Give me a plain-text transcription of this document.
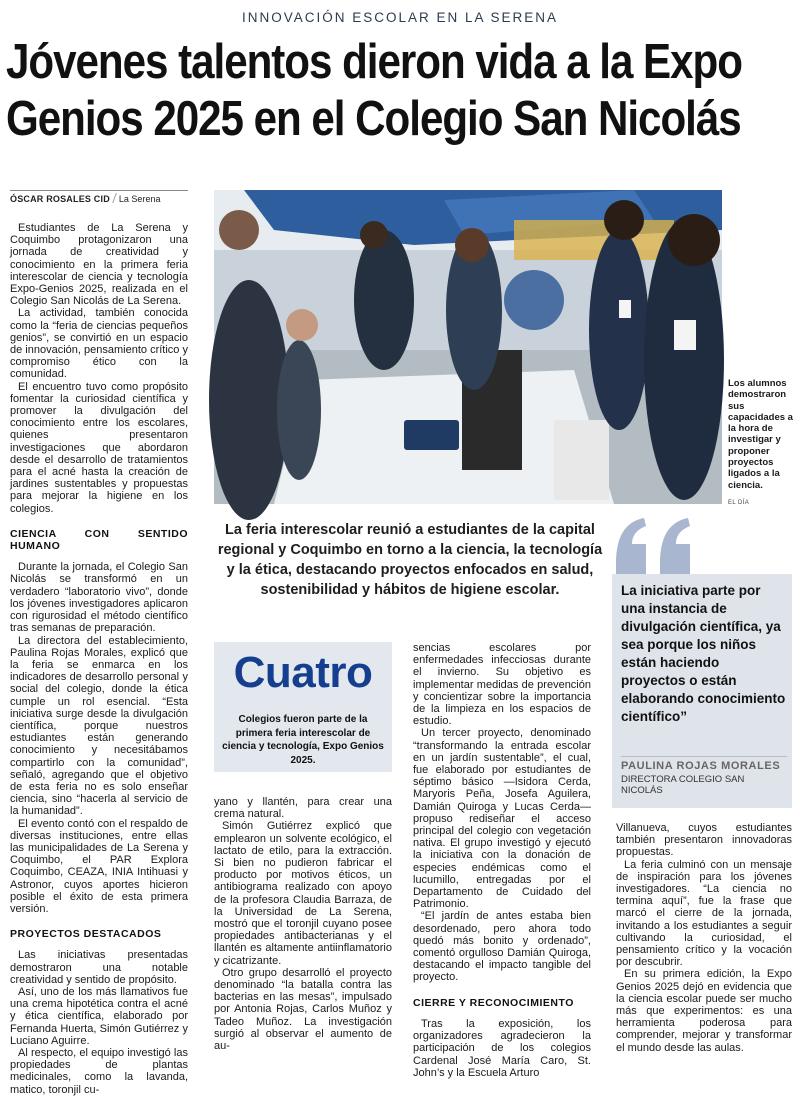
INNOVACIÓN ESCOLAR EN LA SERENA
Jóvenes talentos dieron vida a la Expo
Genios 2025 en el Colegio San Nicolás
ÓSCAR ROSALES CID La Serena

Estudiantes de La Serena y Coquimbo protagonizaron una jornada de creatividad y conocimiento en la primera feria interescolar de ciencia y tecnología Expo-Genios 2025, realizada en el Colegio San Nicolás de La Serena.

La actividad, también conocida como la “feria de ciencias pequeños genios”, se convirtió en un espacio de innovación, pensamiento crítico y compromiso ético con la comunidad.

El encuentro tuvo como propósito fomentar la curiosidad científica y promover la divulgación del conocimiento entre los escolares, quienes presentaron investigaciones que abordaron desde el desarrollo de tratamientos para el acné hasta la creación de jardines sustentables y propuestas para mejorar la higiene en los colegios.

CIENCIA CON SENTIDO HUMANO

Durante la jornada, el Colegio San Nicolás se transformó en un verdadero “laboratorio vivo”, donde los jóvenes investigadores aplicaron con rigurosidad el método científico tras semanas de preparación.

La directora del establecimiento, Paulina Rojas Morales, explicó que la feria se enmarca en los indicadores de desarrollo personal y social del colegio, donde la ética cumple un rol esencial. “Esta iniciativa surge desde la divulgación científica, porque nuestros estudiantes están generando conocimiento y necesitábamos compartirlo con la comunidad”, señaló, agregando que el objetivo de esta feria no es solo enseñar ciencia, sino “hacerla al servicio de la humanidad”.

El evento contó con el respaldo de diversas instituciones, entre ellas las municipalidades de La Serena y Coquimbo, el PAR Explora Coquimbo, CEAZA, INIA Intihuasi y Astronor, cuyos aportes hicieron posible el éxito de esta primera versión.

PROYECTOS DESTACADOS

Las iniciativas presentadas demostraron una notable creatividad y sentido de propósito.

Así, uno de los más llamativos fue una crema hipotética contra el acné y ética científica, elaborado por Fernanda Huerta, Simón Gutiérrez y Luciano Aguirre.

Al respecto, el equipo investigó las propiedades de plantas medicinales, como la lavanda, matico, toronjil cu-

Los alumnos demostraron sus capacidades a la hora de investigar y proponer proyectos ligados a la ciencia.
EL DÍA
La feria interescolar reunió a estudiantes de la capital regional y Coquimbo en torno a la ciencia, la tecnología y la ética, destacando proyectos enfocados en salud, sostenibilidad y hábitos de higiene escolar.	La iniciativa parte por una instancia de divulgación científica, ya sea porque los niños están haciendo proyectos o están elaborando conocimiento científico”
PAULINA ROJAS MORALES
DIRECTORA COLEGIO SAN NICOLÁS
Cuatro
Colegios fueron parte de la primera feria interescolar de ciencia y tecnología, Expo Genios 2025.

yano y llantén, para crear una crema natural.

Simón Gutiérrez explicó que emplearon un solvente ecológico, el lactato de etilo, para la extracción. Si bien no pudieron fabricar el producto por motivos éticos, un antibiograma realizado con apoyo de la profesora Claudia Barraza, de la Universidad de La Serena, mostró que el toronjil cuyano posee propiedades antibacterianas y el llantén es altamente antiinflamatorio y cicatrizante.

Otro grupo desarrolló el proyecto denominado “la batalla contra las bacterias en las mesas”, impulsado por Antonia Rojas, Carlos Muñoz y Tadeo Muñoz. La investigación surgió al observar el aumento de au-

sencias escolares por enfermedades infecciosas durante el invierno. Su objetivo es implementar medidas de prevención y concientizar sobre la importancia de la limpieza en los espacios de estudio.

Un tercer proyecto, denominado “transformando la entrada escolar en un jardín sustentable”, el cual, fue elaborado por estudiantes de séptimo básico —Isidora Cerda, Maryoris Peña, Josefa Aguilera, Damián Quiroga y Lucas Cerda— propuso rediseñar el acceso principal del colegio con vegetación nativa. El grupo investigó y ejecutó la iniciativa con la donación de especies endémicas como el lucumillo, entregadas por el Departamento de Cuidado del Patrimonio.

“El jardín de antes estaba bien desordenado, pero ahora todo quedó más bonito y ordenado”, comentó orgulloso Damián Quiroga, destacando el impacto tangible del proyecto.

CIERRE Y RECONOCIMIENTO

Tras la exposición, los organizadores agradecieron la participación de los colegios Cardenal José María Caro, St. John’s y la Escuela Arturo

Villanueva, cuyos estudiantes también presentaron innovadoras propuestas.

La feria culminó con un mensaje de inspiración para los jóvenes investigadores. “La ciencia no termina aquí”, fue la frase que marcó el cierre de la jornada, invitando a los estudiantes a seguir cultivando la curiosidad, el pensamiento crítico y la vocación por descubrir.

En su primera edición, la Expo Genios 2025 dejó en evidencia que la ciencia escolar puede ser mucho más que experimentos: es una herramienta poderosa para comprender, mejorar y transformar el mundo desde las aulas.
